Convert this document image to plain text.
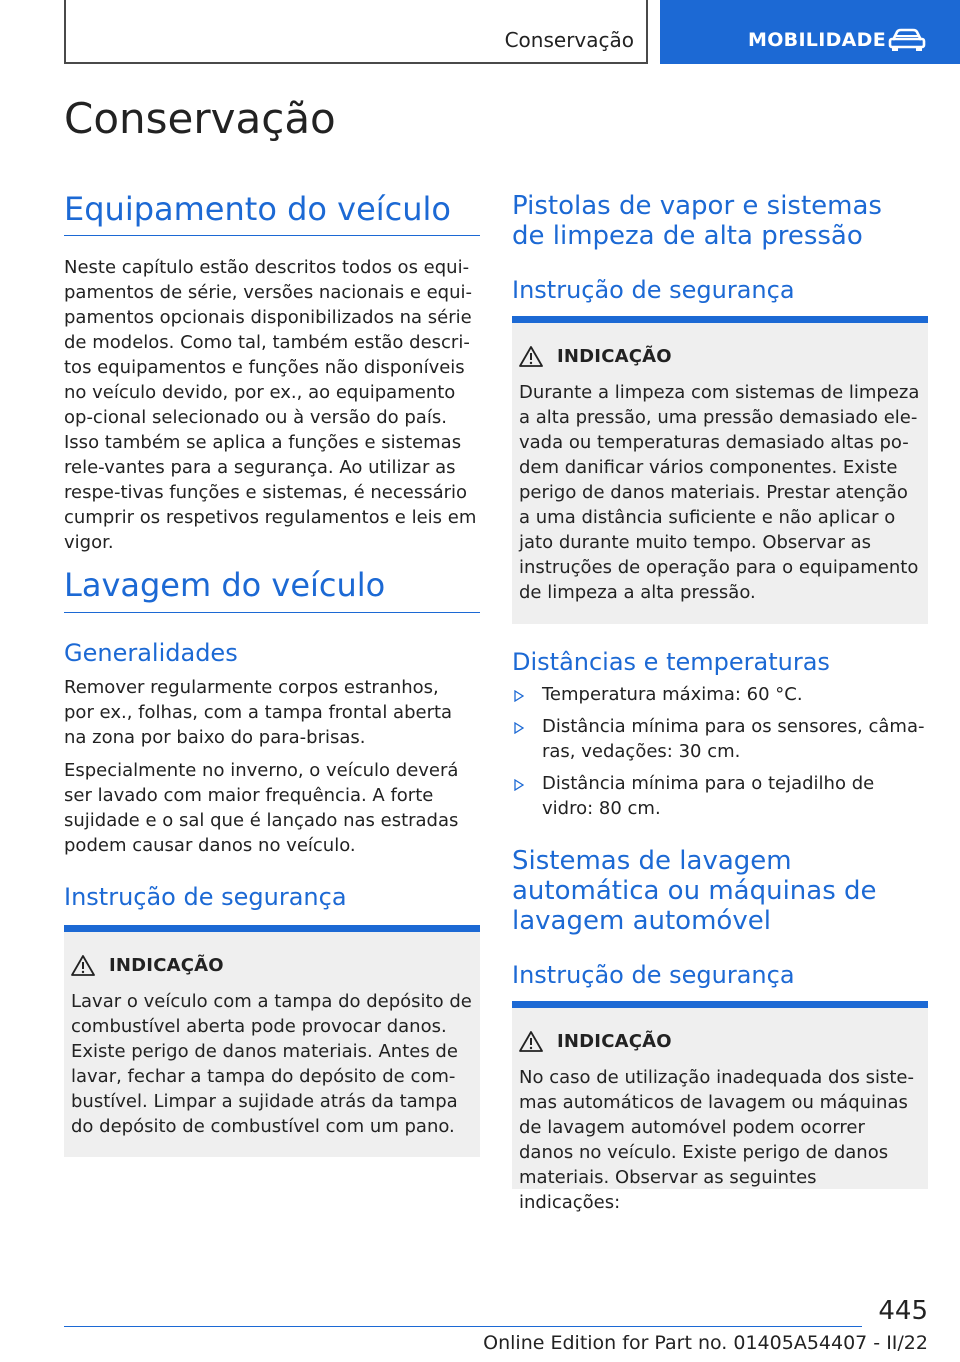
Conservação	MOBILIDADE
Conservação
Equipamento do veículo

Neste capítulo estão descritos todos os equi-pamentos de série, versões nacionais e equi-pamentos opcionais disponibilizados na série de modelos. Como tal, também estão descri-tos equipamentos e funções não disponíveis no veículo devido, por ex., ao equipamento op-cional selecionado ou à versão do país. Isso também se aplica a funções e sistemas rele-vantes para a segurança. Ao utilizar as respe-tivas funções e sistemas, é necessário cumprir os respetivos regulamentos e leis em vigor.

Lavagem do veículo
Generalidades

Remover regularmente corpos estranhos, por ex., folhas, com a tampa frontal aberta na zona por baixo do para-brisas.

Especialmente no inverno, o veículo deverá ser lavado com maior frequência. A forte sujidade e o sal que é lançado nas estradas podem causar danos no veículo.

Instrução de segurança
INDICAÇÃO

Lavar o veículo com a tampa do depósito de combustível aberta pode provocar danos. Existe perigo de danos materiais. Antes de lavar, fechar a tampa do depósito de com-bustível. Limpar a sujidade atrás da tampa do depósito de combustível com um pano.

Pistolas de vapor e sistemas de limpeza de alta pressão
Instrução de segurança
INDICAÇÃO

Durante a limpeza com sistemas de limpeza a alta pressão, uma pressão demasiado ele-vada ou temperaturas demasiado altas po-dem danificar vários componentes. Existe perigo de danos materiais. Prestar atenção a uma distância suficiente e não aplicar o jato durante muito tempo. Observar as instruções de operação para o equipamento de limpeza a alta pressão.

Distâncias e temperaturas
Temperatura máxima: 60 °C.
Distância mínima para os sensores, câma-ras, vedações: 30 cm.
Distância mínima para o tejadilho de vidro: 80 cm.
Sistemas de lavagem automática ou máquinas de lavagem automóvel
Instrução de segurança
INDICAÇÃO

No caso de utilização inadequada dos siste-mas automáticos de lavagem ou máquinas de lavagem automóvel podem ocorrer danos no veículo. Existe perigo de danos materiais. Observar as seguintes indicações:

445
Online Edition for Part no. 01405A54407 - II/22
